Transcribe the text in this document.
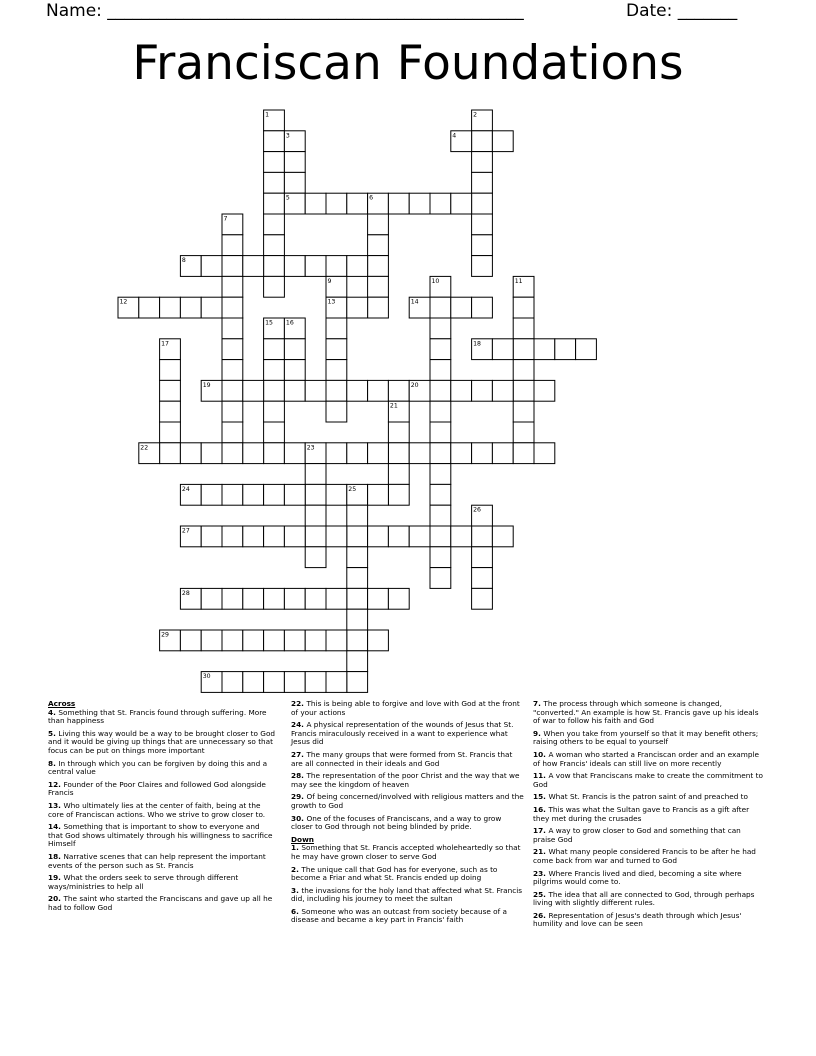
Name: _________________________________________________	Date: _______
Franciscan Foundations
1	2
3	4
5	6
7
8
9	10	11
12	13	14
15 16
17	18
19	20
21
22	23
24	25
26
27
28
29
30

Across

4. Something that St. Francis found through suffering. More than happiness

5. Living this way would be a way to be brought closer to God and it would be giving up things that are unnecessary so that focus can be put on things more important

8. In through which you can be forgiven by doing this and a central value

12. Founder of the Poor Claires and followed God alongside Francis

13. Who ultimately lies at the center of faith, being at the core of Franciscan actions. Who we strive to grow closer to.

14. Something that is important to show to everyone and that God shows ultimately through his willingness to sacrifice Himself

18. Narrative scenes that can help represent the important events of the person such as St. Francis

19. What the orders seek to serve through different ways/ministries to help all

20. The saint who started the Franciscans and gave up all he had to follow God

22. This is being able to forgive and love with God at the front of your actions

24. A physical representation of the wounds of Jesus that St. Francis miraculously received in a want to experience what Jesus did

27. The many groups that were formed from St. Francis that are all connected in their ideals and God

28. The representation of the poor Christ and the way that we may see the kingdom of heaven

29. Of being concerned/involved with religious matters and the growth to God

30. One of the focuses of Franciscans, and a way to grow closer to God through not being blinded by pride.

Down

1. Something that St. Francis accepted wholeheartedly so that he may have grown closer to serve God

2. The unique call that God has for everyone, such as to become a Friar and what St. Francis ended up doing

3. the invasions for the holy land that affected what St. Francis did, including his journey to meet the sultan

6. Someone who was an outcast from society because of a disease and became a key part in Francis' faith

7. The process through which someone is changed, "converted." An example is how St. Francis gave up his ideals of war to follow his faith and God

9. When you take from yourself so that it may benefit others; raising others to be equal to yourself

10. A woman who started a Franciscan order and an example of how Francis' ideals can still live on more recently

11. A vow that Franciscans make to create the commitment to God

15. What St. Francis is the patron saint of and preached to

16. This was what the Sultan gave to Francis as a gift after they met during the crusades

17. A way to grow closer to God and something that can praise God

21. What many people considered Francis to be after he had come back from war and turned to God

23. Where Francis lived and died, becoming a site where pilgrims would come to.

25. The idea that all are connected to God, through perhaps living with slightly different rules.

26. Representation of Jesus's death through which Jesus' humility and love can be seen
